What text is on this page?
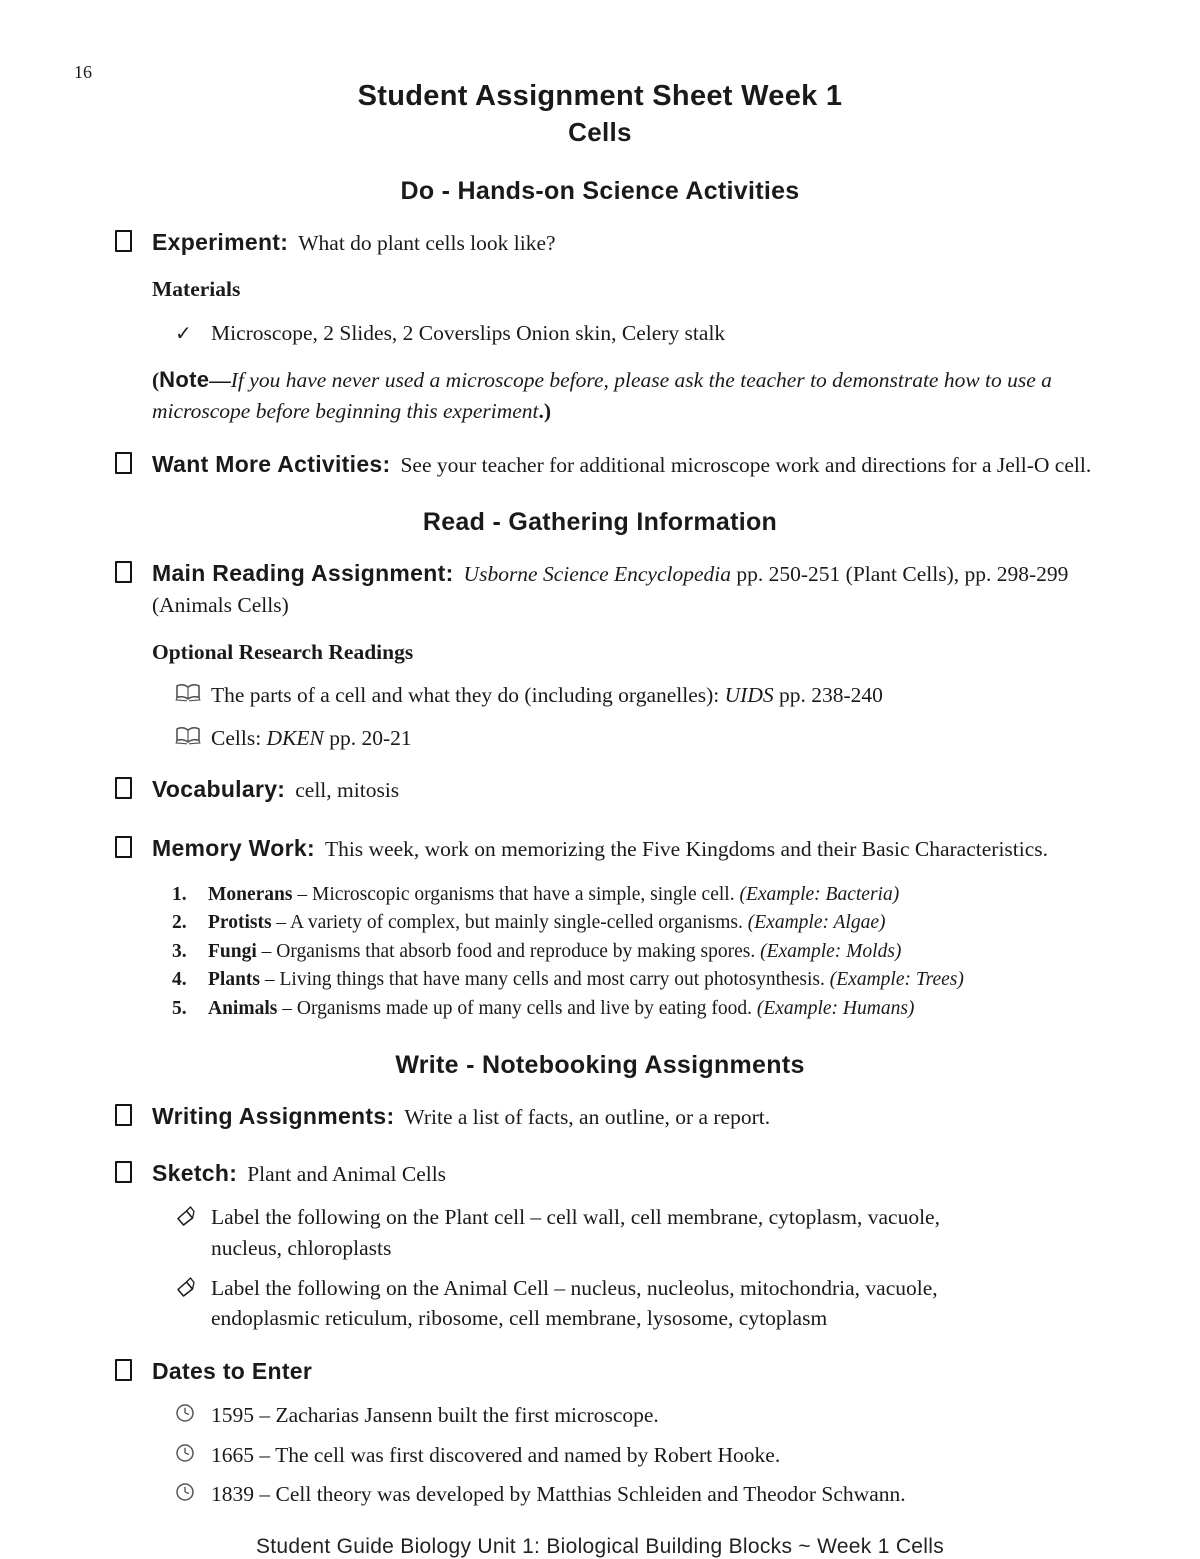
16
Student Assignment Sheet Week 1
Cells
Do - Hands-on Science Activities
Experiment: What do plant cells look like?
Materials
✓ Microscope, 2 Slides, 2 Coverslips Onion skin, Celery stalk
(Note—If you have never used a microscope before, please ask the teacher to demonstrate how to use a microscope before beginning this experiment.)
Want More Activities: See your teacher for additional microscope work and directions for a Jell-O cell.
Read - Gathering Information
Main Reading Assignment: Usborne Science Encyclopedia pp. 250-251 (Plant Cells), pp. 298-299 (Animals Cells)
Optional Research Readings
The parts of a cell and what they do (including organelles): UIDS pp. 238-240
Cells: DKEN pp. 20-21
Vocabulary: cell, mitosis
Memory Work: This week, work on memorizing the Five Kingdoms and their Basic Characteristics.
1.	Monerans – Microscopic organisms that have a simple, single cell. (Example: Bacteria)
2.	Protists – A variety of complex, but mainly single-celled organisms. (Example: Algae)
3.	Fungi – Organisms that absorb food and reproduce by making spores. (Example: Molds)
4.	Plants – Living things that have many cells and most carry out photosynthesis. (Example: Trees)
5.	Animals – Organisms made up of many cells and live by eating food. (Example: Humans)
Write - Notebooking Assignments
Writing Assignments: Write a list of facts, an outline, or a report.
Sketch: Plant and Animal Cells
Label the following on the Plant cell – cell wall, cell membrane, cytoplasm, vacuole, nucleus, chloroplasts
Label the following on the Animal Cell – nucleus, nucleolus, mitochondria, vacuole, endoplasmic reticulum, ribosome, cell membrane, lysosome, cytoplasm
Dates to Enter
1595 – Zacharias Jansenn built the first microscope.
1665 – The cell was first discovered and named by Robert Hooke.
1839 – Cell theory was developed by Matthias Schleiden and Theodor Schwann.
Student Guide Biology Unit 1: Biological Building Blocks ~ Week 1 Cells
